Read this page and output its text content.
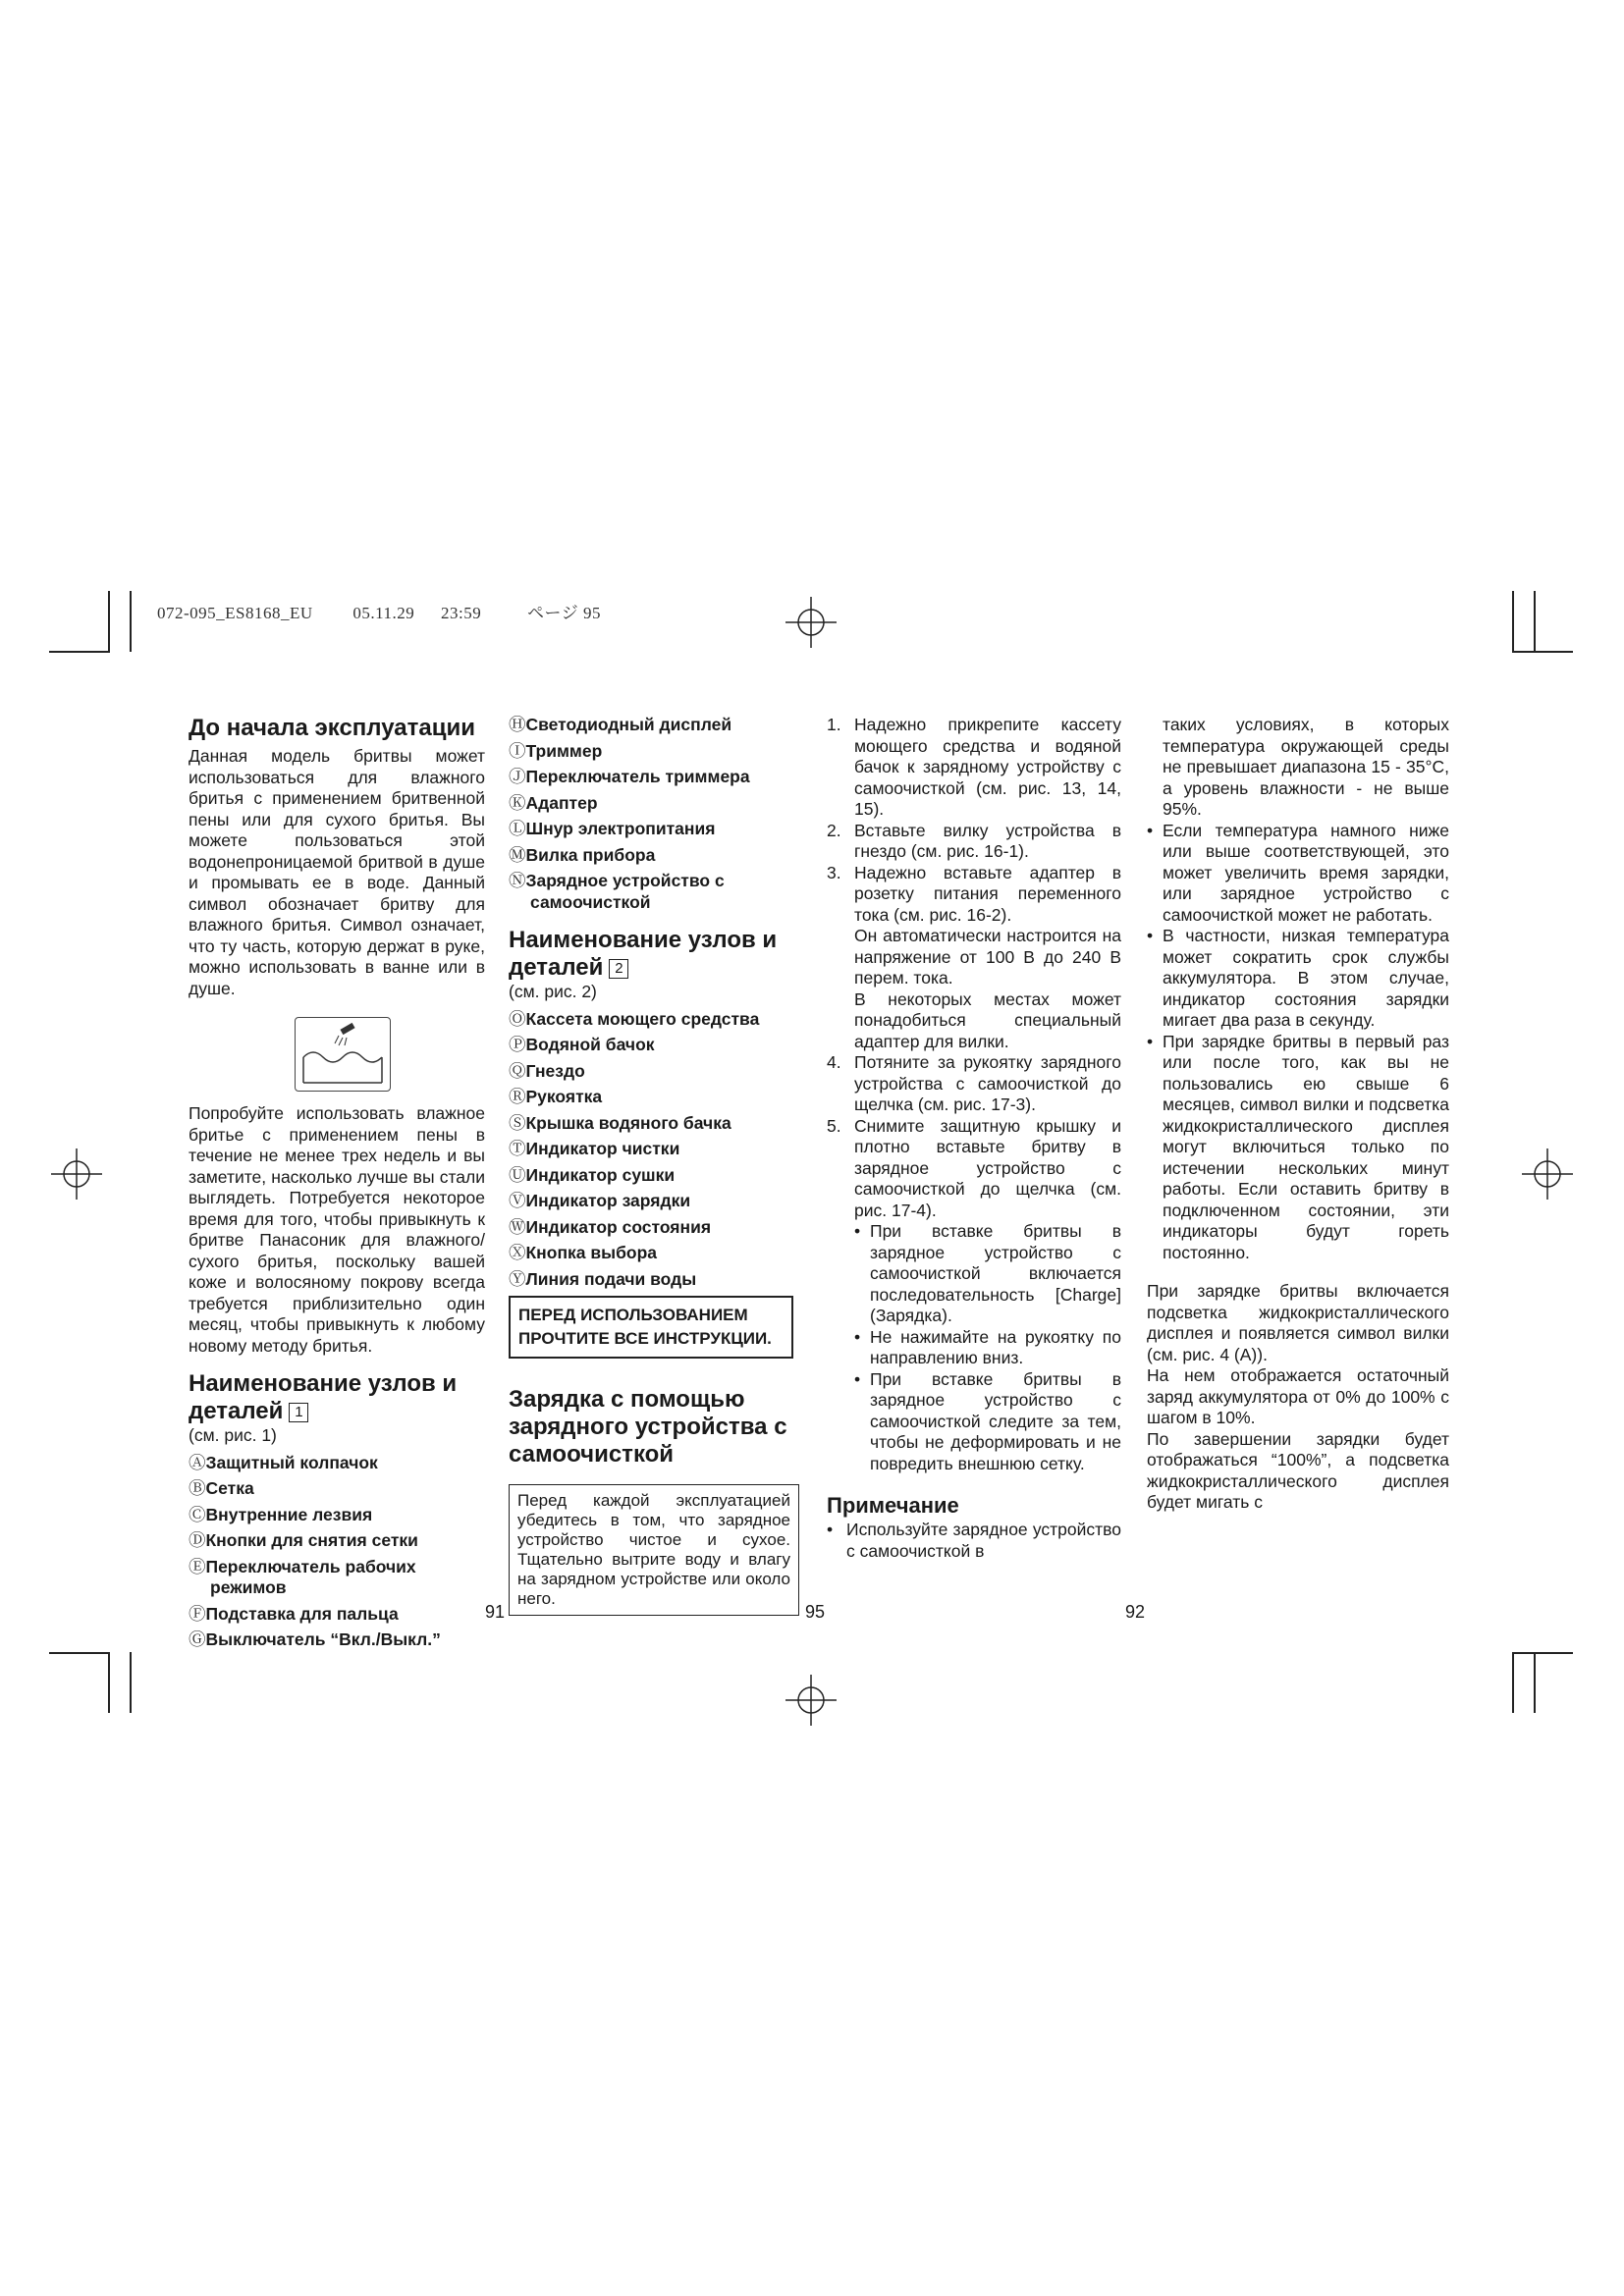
072-095_ES8168_EU 05.11.29 23:59	ページ 95
До начала эксплуатации

Данная модель бритвы может использоваться для влажного бритья с применением бритвенной пены или для сухого бритья. Вы можете пользоваться этой водонепроницаемой бритвой в душе и промывать ее в воде. Данный символ обозначает бритву для влажного бритья. Символ означает, что ту часть, которую держат в руке, можно использовать в ванне или в душе.

Попробуйте использовать влажное бритье с применением пены в течение не менее трех недель и вы заметите, насколько лучше вы стали выглядеть. Потребуется некоторое время для того, чтобы привыкнуть к бритве Панасоник для влажного/сухого бритья, поскольку вашей коже и волосяному покрову всегда требуется приблизительно один месяц, чтобы привыкнуть к любому новому методу бритья.

Наименование узлов и деталей 1

(см. рис. 1)

ⒶЗащитный колпачок

ⒷСетка

ⒸВнутренние лезвия

ⒹКнопки для снятия сетки

ⒺПереключатель рабочих режимов

ⒻПодставка для пальца

ⒼВыключатель “Вкл./Выкл.”

91

ⒽСветодиодный дисплей

ⒾТриммер

ⒿПереключатель триммера

ⓀАдаптер

ⓁШнур электропитания

ⓂВилка прибора

ⓃЗарядное устройство с самоочисткой

Наименование узлов и деталей 2

(см. рис. 2)

ⓄКассета моющего средства

ⓅВодяной бачок

ⓆГнездо

ⓇРукоятка

ⓈКрышка водяного бачка

ⓉИндикатор чистки

ⓊИндикатор сушки

ⓋИндикатор зарядки

ⓌИндикатор состояния

ⓍКнопка выбора

ⓎЛиния подачи воды

ПЕРЕД ИСПОЛЬЗОВАНИЕМ ПРОЧТИТЕ ВСЕ ИНСТРУКЦИИ.
Зарядка с помощью зарядного устройства с самоочисткой
Перед каждой эксплуатацией убедитесь в том, что зарядное устройство чистое и сухое. Тщательно вытрите воду и влагу на зарядном устройстве или около него.
95
1. Надежно прикрепите кассету моющего средства и водяной бачок к зарядному устройству с самоочисткой (см. рис. 13, 14, 15).
2. Вставьте вилку устройства в гнездо (см. рис. 16-1).
3. Надежно вставьте адаптер в розетку питания переменного тока (см. рис. 16-2).
Он автоматически настроится на напряжение от 100 В до 240 В перем. тока.
В некоторых местах может понадобиться специальный адаптер для вилки.
4. Потяните за рукоятку зарядного устройства с самоочисткой до щелчка (см. рис. 17-3).
5. Снимите защитную крышку и плотно вставьте бритву в зарядное устройство с самоочисткой до щелчка (см. рис. 17-4).

• При вставке бритвы в зарядное устройство с самоочисткой включается последовательность [Charge] (Зарядка).

• Не нажимайте на рукоятку по направлению вниз.

• При вставке бритвы в зарядное устройство с самоочисткой следите за тем, чтобы не деформировать и не повредить внешнюю сетку.

Примечание

• Используйте зарядное устройство с самоочисткой в

таких условиях, в которых температура окружающей среды не превышает диапазона 15 - 35°C, а уровень влажности - не выше 95%.

• Если температура намного ниже или выше соответствующей, это может увеличить время зарядки, или зарядное устройство с самоочисткой может не работать.

• В частности, низкая температура может сократить срок службы аккумулятора. В этом случае, индикатор состояния зарядки мигает два раза в секунду.

• При зарядке бритвы в первый раз или после того, как вы не пользовались ею свыше 6 месяцев, символ вилки и подсветка жидкокристаллического дисплея могут включиться только по истечении нескольких минут работы. Если оставить бритву в подключенном состоянии, эти индикаторы будут гореть постоянно.

При зарядке бритвы включается подсветка жидкокристаллического дисплея и появляется символ вилки (см. рис. 4 (A)).

На нем отображается остаточный заряд аккумулятора от 0% до 100% с шагом в 10%.

По завершении зарядки будет отображаться “100%”, а подсветка жидкокристаллического дисплея будет мигать с

92
